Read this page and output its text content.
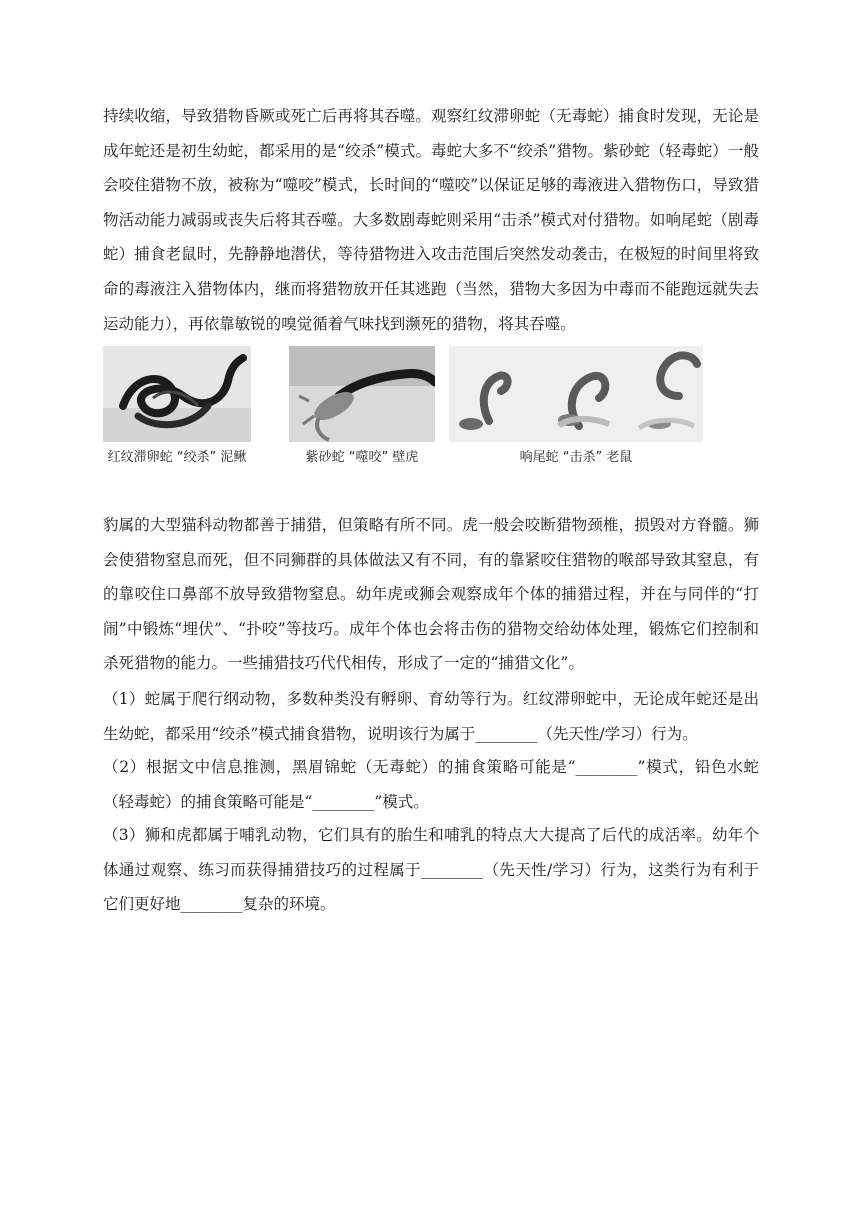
持续收缩，导致猎物昏厥或死亡后再将其吞噬。观察红纹滞卵蛇（无毒蛇）捕食时发现，无论是成年蛇还是初生幼蛇，都采用的是“绞杀”模式。毒蛇大多不“绞杀”猎物。紫砂蛇（轻毒蛇）一般会咬住猎物不放，被称为“噬咬”模式，长时间的“噬咬”以保证足够的毒液进入猎物伤口，导致猎物活动能力减弱或丧失后将其吞噬。大多数剧毒蛇则采用“击杀”模式对付猎物。如响尾蛇（剧毒蛇）捕食老鼠时，先静静地潜伏，等待猎物进入攻击范围后突然发动袭击，在极短的时间里将致命的毒液注入猎物体内，继而将猎物放开任其逃跑（当然，猎物大多因为中毒而不能跑远就失去运动能力），再依靠敏锐的嗅觉循着气味找到濒死的猎物，将其吞噬。

红纹滞卵蛇 “绞杀” 泥鳅	紫砂蛇 “噬咬” 壁虎	响尾蛇 “击杀” 老鼠

豹属的大型猫科动物都善于捕猎，但策略有所不同。虎一般会咬断猎物颈椎，损毁对方脊髓。狮会使猎物窒息而死，但不同狮群的具体做法又有不同，有的靠紧咬住猎物的喉部导致其窒息，有的靠咬住口鼻部不放导致猎物窒息。幼年虎或狮会观察成年个体的捕猎过程，并在与同伴的“打闹”中锻炼“埋伏”、“扑咬”等技巧。成年个体也会将击伤的猎物交给幼体处理，锻炼它们控制和杀死猎物的能力。一些捕猎技巧代代相传，形成了一定的“捕猎文化”。

（1）蛇属于爬行纲动物，多数种类没有孵卵、育幼等行为。红纹滞卵蛇中，无论成年蛇还是出生幼蛇，都采用“绞杀”模式捕食猎物，说明该行为属于________（先天性/学习）行为。

（2）根据文中信息推测，黑眉锦蛇（无毒蛇）的捕食策略可能是“________”模式，铅色水蛇（轻毒蛇）的捕食策略可能是“________”模式。

（3）狮和虎都属于哺乳动物，它们具有的胎生和哺乳的特点大大提高了后代的成活率。幼年个体通过观察、练习而获得捕猎技巧的过程属于________（先天性/学习）行为，这类行为有利于它们更好地________复杂的环境。
